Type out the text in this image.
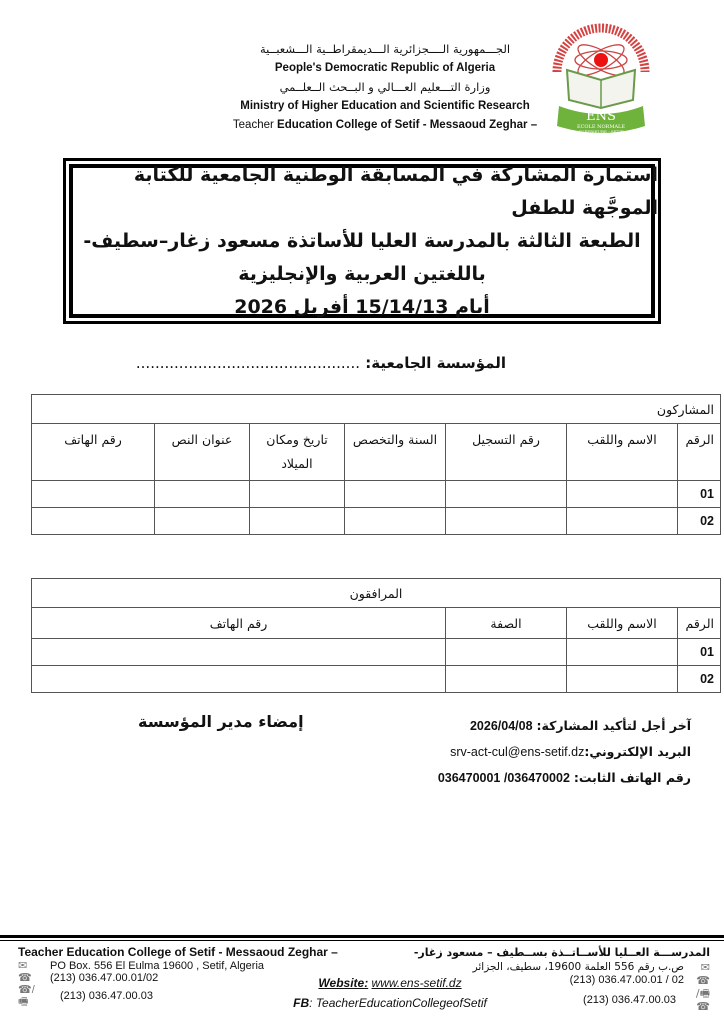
الجـــمهورية الــــجزائرية الـــديمقراطــية الـــشعبــية
People's Democratic Republic of Algeria
وزارة التـــعليم العـــالي و البــحث الــعلــمي
Ministry of Higher Education and Scientific Research
Teacher Education College of Setif - Messaoud Zeghar –
ENS
ECOLE NORMALE
SUPERIEURE - SETIF
استمارة المشاركة في المسابقة الوطنية الجامعية للكتابة الموجَّهة للطفل
الطبعة الثالثة بالمدرسة العليا للأساتذة مسعود زغار–سطيف-
باللغتين العربية والإنجليزية
أيام 15/14/13 أفريل 2026
المؤسسة الجامعية: ...............................................
المشاركون						
الرقم	الاسم واللقب	رقم التسجيل	السنة والتخصص	تاريخ ومكان الميلاد	عنوان النص	رقم الهاتف
01						
02						
المرافقون			
الرقم	الاسم واللقب	الصفة	رقم الهاتف
01			
02			
آخر أجل لتأكيد المشاركة: 2026/04/08
البريد الإلكتروني:srv-act-cul@ens-setif.dz
رقم الهاتف الثابت: 036470002/ 036470001
إمضاء مدير المؤسسة
Teacher Education College of Setif - Messaoud Zeghar –
✉	PO Box. 556 El Eulma 19600 , Setif, Algeria
☎	(213) 036.47.00.01/02
☎/🖷	(213) 036.47.00.03
Website: www.ens-setif.dz
FB: TeacherEducationCollegeofSetif
المدرســـة العــليا للأســاتــذة بســطيف – مسعود زغار-
✉
ص.ب رقم 556 العلمة 19600، سطيف، الجزائر
☎
(213) 036.47.00.01 / 02
🖷/☎
(213) 036.47.00.03
